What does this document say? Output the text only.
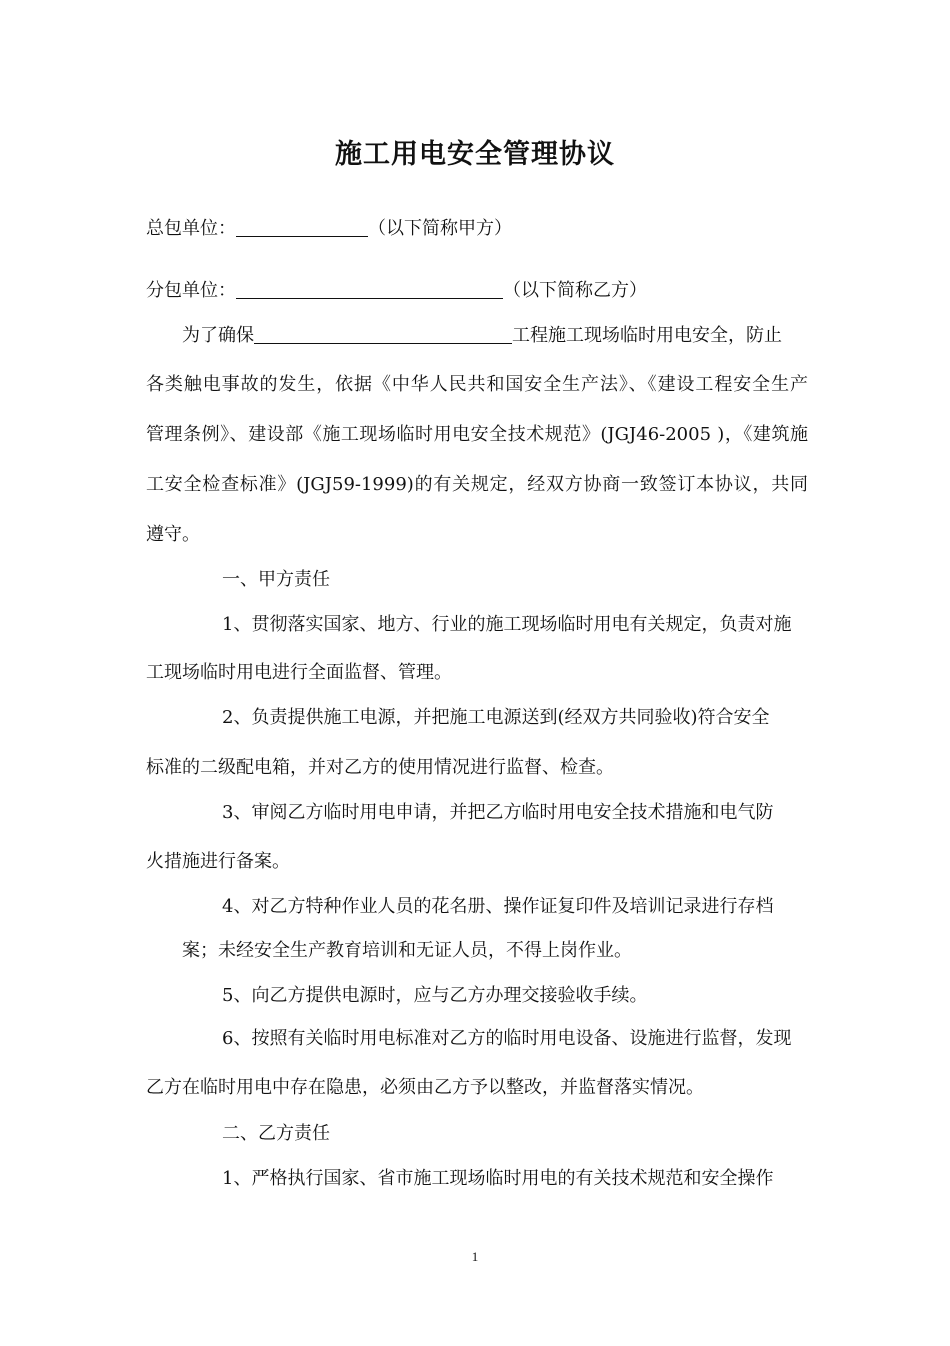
施工用电安全管理协议
总包单位：	（以下简称甲方）
分包单位：	（以下简称乙方）
为了确保	工程施工现场临时用电安全，防止
各类触电事故的发生，依据《中华人民共和国安全生产法》、《建设工程安全生产
管理条例》、建设部《施工现场临时用电安全技术规范》(JGJ46-2005 )，《建筑施
工安全检查标准》(JGJ59-1999)的有关规定，经双方协商一致签订本协议，共同
遵守。
一、甲方责任
1、贯彻落实国家、地方、行业的施工现场临时用电有关规定，负责对施
工现场临时用电进行全面监督、管理。
2、负责提供施工电源，并把施工电源送到(经双方共同验收)符合安全
标准的二级配电箱，并对乙方的使用情况进行监督、检查。
3、审阅乙方临时用电申请，并把乙方临时用电安全技术措施和电气防
火措施进行备案。
4、对乙方特种作业人员的花名册、操作证复印件及培训记录进行存档
案；未经安全生产教育培训和无证人员，不得上岗作业。
5、向乙方提供电源时，应与乙方办理交接验收手续。
6、按照有关临时用电标准对乙方的临时用电设备、设施进行监督，发现
乙方在临时用电中存在隐患，必须由乙方予以整改，并监督落实情况。
二、乙方责任
1、严格执行国家、省市施工现场临时用电的有关技术规范和安全操作
1
